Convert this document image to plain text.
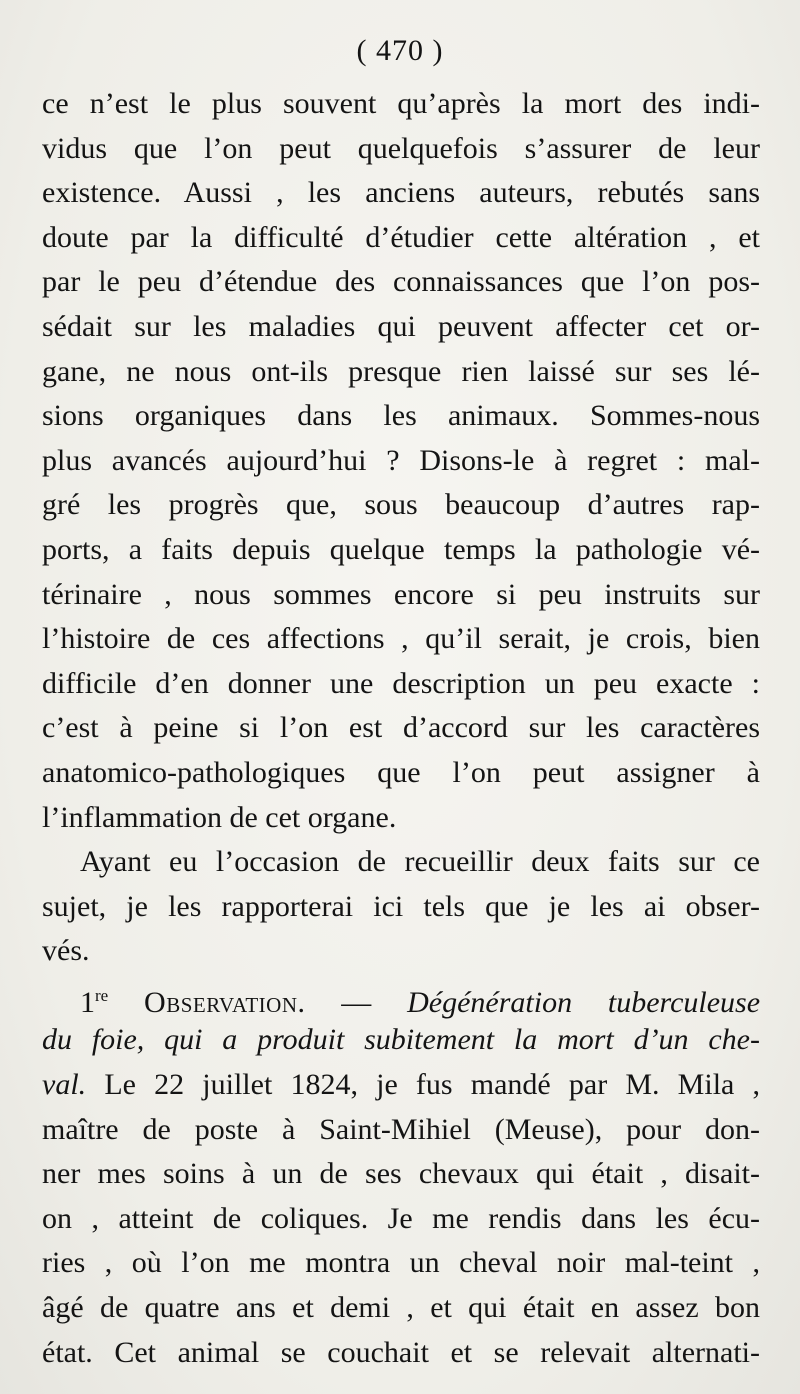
( 470 )
ce n’est le plus souvent qu’après la mort des indi-
vidus que l’on peut quelquefois s’assurer de leur
existence. Aussi , les anciens auteurs, rebutés sans
doute par la difficulté d’étudier cette altération , et
par le peu d’étendue des connaissances que l’on pos-
sédait sur les maladies qui peuvent affecter cet or-
gane, ne nous ont-ils presque rien laissé sur ses lé-
sions organiques dans les animaux. Sommes-nous
plus avancés aujourd’hui ? Disons-le à regret : mal-
gré les progrès que, sous beaucoup d’autres rap-
ports, a faits depuis quelque temps la pathologie vé-
térinaire , nous sommes encore si peu instruits sur
l’histoire de ces affections , qu’il serait, je crois, bien
difficile d’en donner une description un peu exacte :
c’est à peine si l’on est d’accord sur les caractères
anatomico-pathologiques que l’on peut assigner à
l’inflammation de cet organe.
Ayant eu l’occasion de recueillir deux faits sur ce
sujet, je les rapporterai ici tels que je les ai obser-
vés.
1re Observation. — Dégénération tuberculeuse
du foie, qui a produit subitement la mort d’un che-
val. Le 22 juillet 1824, je fus mandé par M. Mila ,
maître de poste à Saint-Mihiel (Meuse), pour don-
ner mes soins à un de ses chevaux qui était , disait-
on , atteint de coliques. Je me rendis dans les écu-
ries , où l’on me montra un cheval noir mal-teint ,
âgé de quatre ans et demi , et qui était en assez bon
état. Cet animal se couchait et se relevait alternati-
